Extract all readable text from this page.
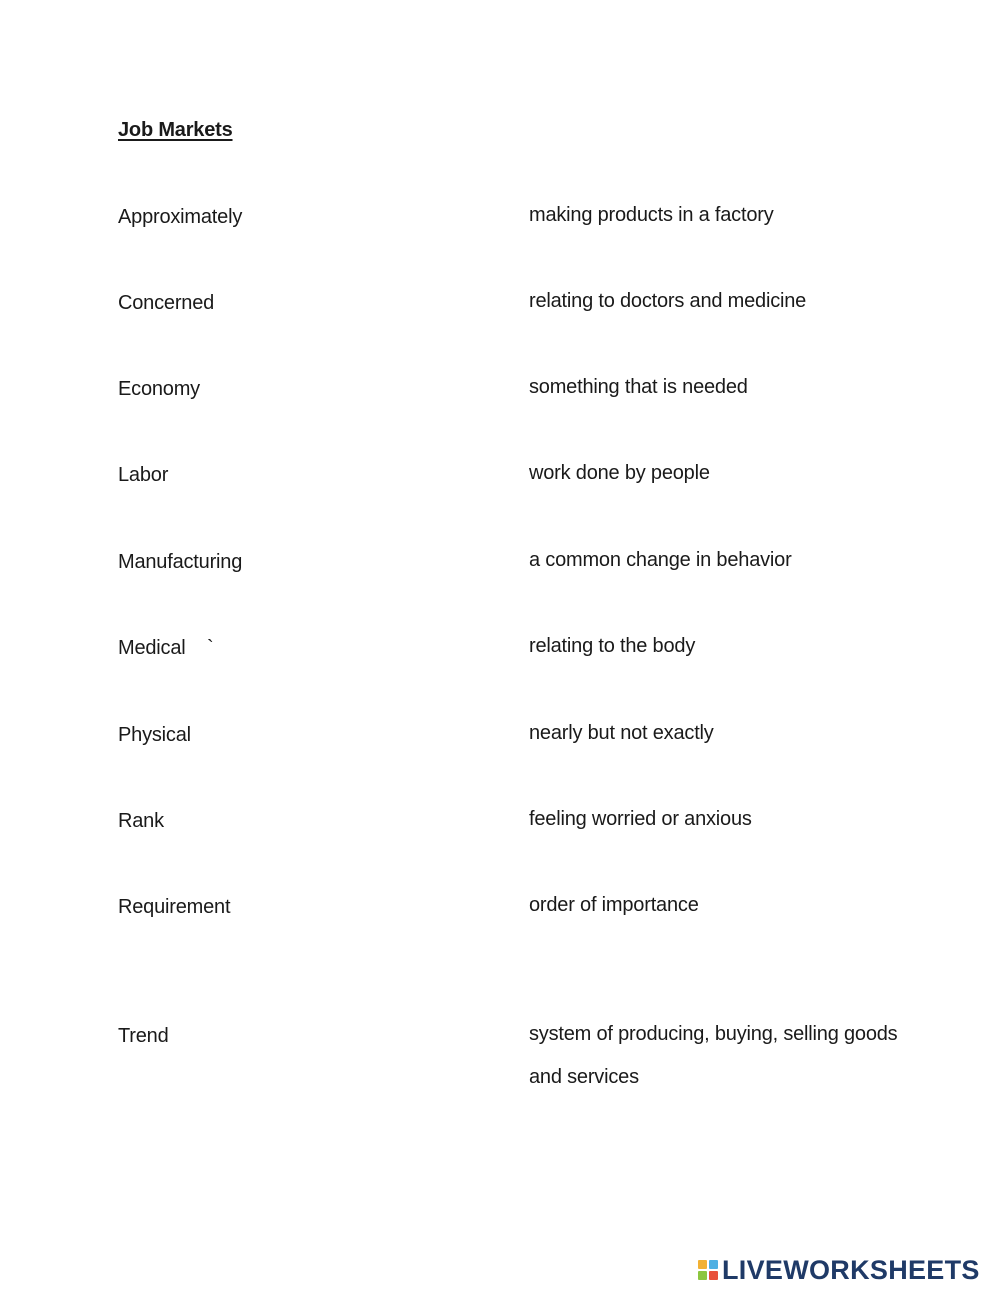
Job Markets
Approximately	making products in a factory
Concerned	relating to doctors and medicine
Economy	something that is needed
Labor	work done by people
Manufacturing	a common change in behavior
Medical    `	relating to the body
Physical	nearly but not exactly
Rank	feeling worried or anxious
Requirement	order of importance
Trend	system of producing, buying, selling goods and services
LIVEWORKSHEETS
